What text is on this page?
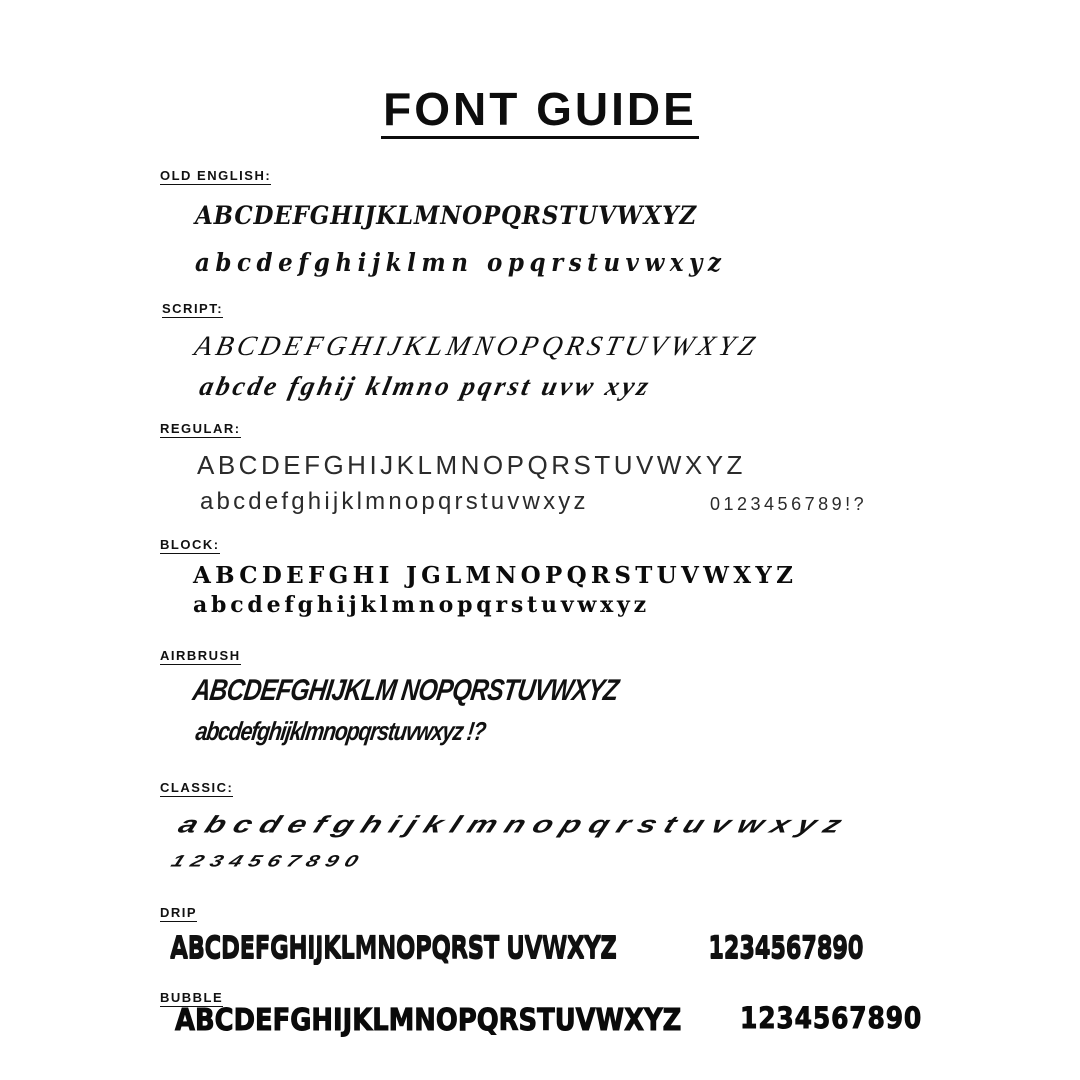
FONT GUIDE
OLD ENGLISH:
ABCDEFGHIJKLMNOPQRSTUVWXYZ
abcdefghijklmn opqrstuvwxyz
SCRIPT:
ABCDEFGHIJKLMNOPQRSTUVWXYZ
abcde fghij klmno pqrst uvw xyz
REGULAR:
ABCDEFGHIJKLMNOPQRSTUVWXYZ
abcdefghijklmnopqrstuvwxyz	0123456789!?
BLOCK:
ABCDEFGHI JGLMNOPQRSTUVWXYZ
abcdefghijklmnopqrstuvwxyz
AIRBRUSH
ABCDEFGHIJKLM NOPQRSTUVWXYZ
abcdefghijklmnopqrstuvwxyz !?
CLASSIC:
abcdefghijklmnopqrstuvwxyz
1234567890
DRIP
ABCDEFGHIJKLMNOPQRST UVWXYZ	1234567890
BUBBLE
ABCDEFGHIJKLMNOPQRSTUVWXYZ 1234567890
